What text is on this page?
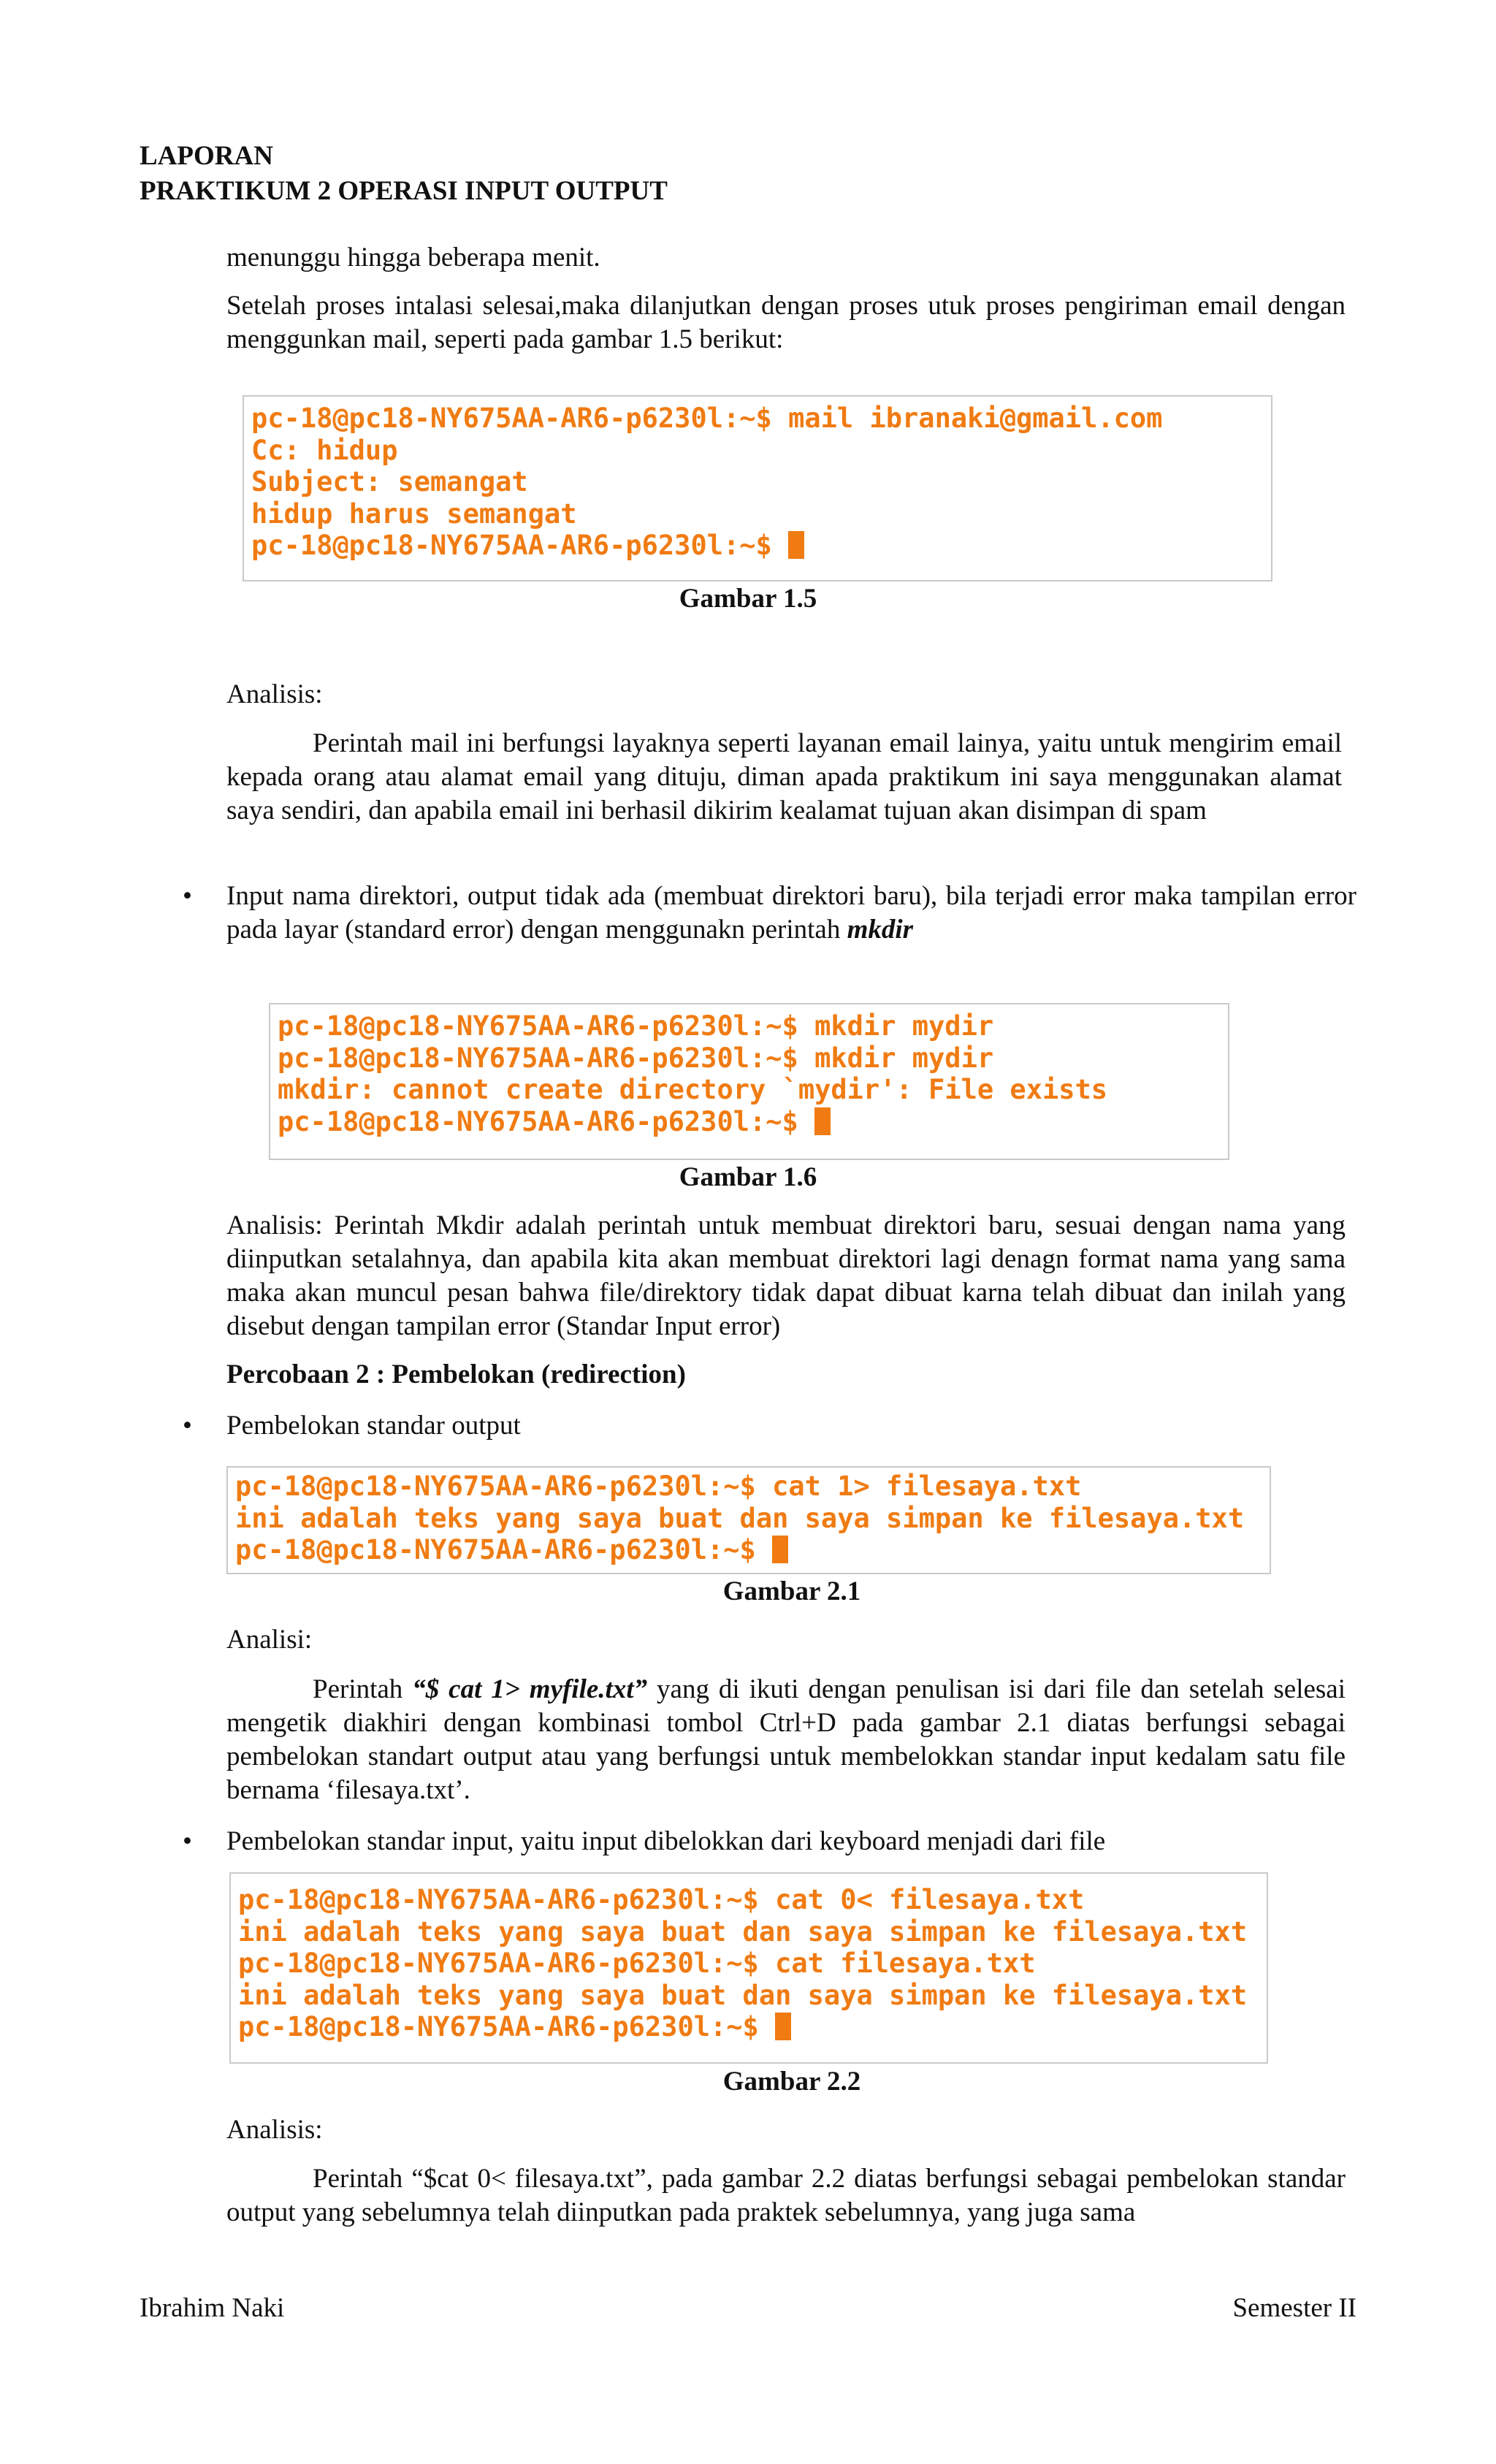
LAPORAN
PRAKTIKUM 2 OPERASI INPUT OUTPUT
menunggu hingga beberapa menit.
Setelah proses intalasi selesai,maka dilanjutkan dengan proses utuk proses pengiriman email dengan menggunkan mail, seperti pada gambar 1.5 berikut:
pc-18@pc18-NY675AA-AR6-p6230l:~$ mail ibranaki@gmail.com
Cc: hidup
Subject: semangat
hidup harus semangat
pc-18@pc18-NY675AA-AR6-p6230l:~$
Gambar 1.5
Analisis:
Perintah mail ini berfungsi layaknya seperti layanan email lainya, yaitu untuk mengirim email kepada orang atau alamat email yang dituju, diman apada praktikum ini saya menggunakan alamat saya sendiri, dan apabila email ini berhasil dikirim kealamat tujuan akan disimpan di spam
• Input nama direktori, output tidak ada (membuat direktori baru), bila terjadi error maka tampilan error pada layar (standard error) dengan menggunakn perintah mkdir
pc-18@pc18-NY675AA-AR6-p6230l:~$ mkdir mydir
pc-18@pc18-NY675AA-AR6-p6230l:~$ mkdir mydir
mkdir: cannot create directory `mydir': File exists
pc-18@pc18-NY675AA-AR6-p6230l:~$
Gambar 1.6
Analisis: Perintah Mkdir adalah perintah untuk membuat direktori baru, sesuai dengan nama yang diinputkan setalahnya, dan apabila kita akan membuat direktori lagi denagn format nama yang sama maka akan muncul pesan bahwa file/direktory tidak dapat dibuat karna telah dibuat dan inilah yang disebut dengan tampilan error (Standar Input error)
Percobaan 2 : Pembelokan (redirection)
• Pembelokan standar output
pc-18@pc18-NY675AA-AR6-p6230l:~$ cat 1> filesaya.txt
ini adalah teks yang saya buat dan saya simpan ke filesaya.txt
pc-18@pc18-NY675AA-AR6-p6230l:~$
Gambar 2.1
Analisi:
Perintah “$ cat 1> myfile.txt” yang di ikuti dengan penulisan isi dari file dan setelah selesai mengetik diakhiri dengan kombinasi tombol Ctrl+D pada gambar 2.1 diatas berfungsi sebagai pembelokan standart output atau yang berfungsi untuk membelokkan standar input kedalam satu file bernama ‘filesaya.txt’.
• Pembelokan standar input, yaitu input dibelokkan dari keyboard menjadi dari file

pc-18@pc18-NY675AA-AR6-p6230l:~$ cat 0< filesaya.txt
ini adalah teks yang saya buat dan saya simpan ke filesaya.txt
pc-18@pc18-NY675AA-AR6-p6230l:~$ cat filesaya.txt
ini adalah teks yang saya buat dan saya simpan ke filesaya.txt
pc-18@pc18-NY675AA-AR6-p6230l:~$
Gambar 2.2
Analisis:
Perintah “$cat 0< filesaya.txt”, pada gambar 2.2 diatas berfungsi sebagai pembelokan standar output yang sebelumnya telah diinputkan pada praktek sebelumnya, yang juga sama
Ibrahim Naki	Semester II
